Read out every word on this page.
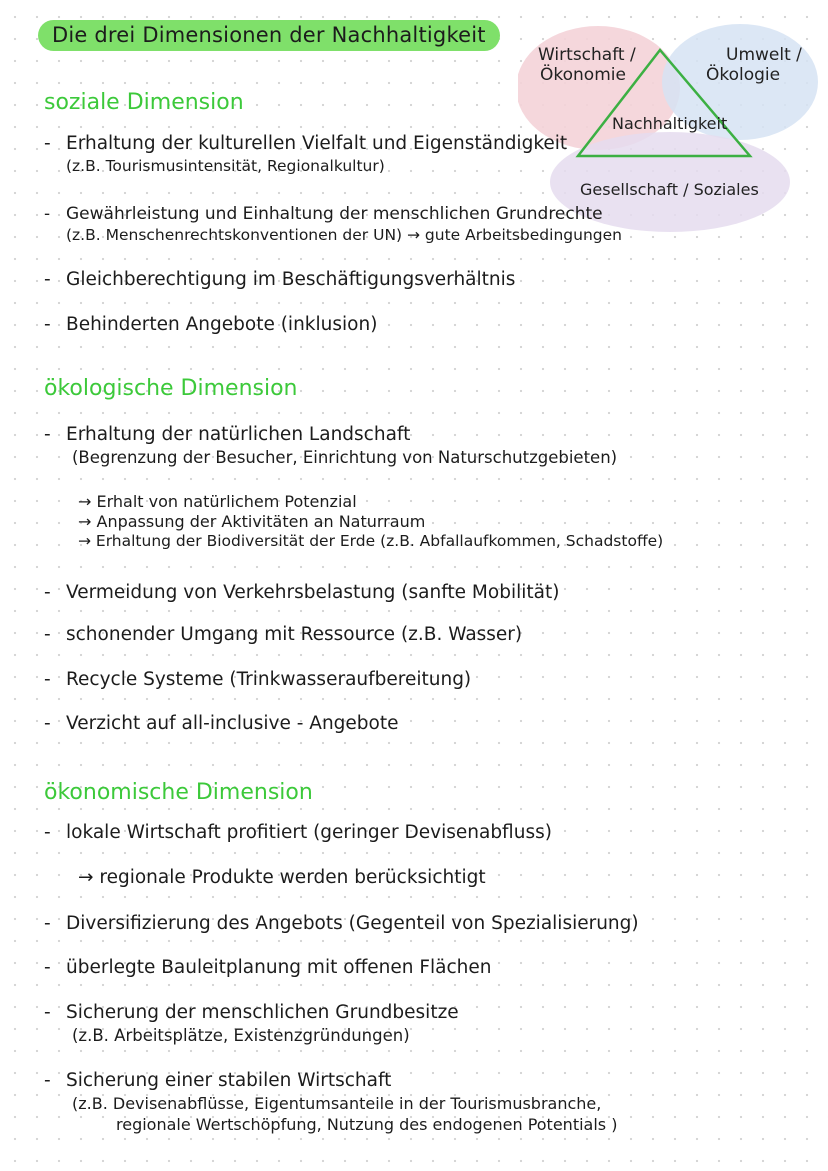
Die drei Dimensionen der Nachhaltigkeit
Wirtschaft /
Ökonomie
Umwelt /
Ökologie
Nachhaltigkeit
Gesellschaft / Soziales
soziale Dimension
- Erhaltung der kulturellen Vielfalt und Eigenständigkeit
(z.B. Tourismusintensität, Regionalkultur)
- Gewährleistung und Einhaltung der menschlichen Grundrechte
(z.B. Menschenrechtskonventionen der UN) → gute Arbeitsbedingungen
- Gleichberechtigung im Beschäftigungsverhältnis
- Behinderten Angebote (inklusion)
ökologische Dimension
- Erhaltung der natürlichen Landschaft
(Begrenzung der Besucher, Einrichtung von Naturschutzgebieten)
→ Erhalt von natürlichem Potenzial
→ Anpassung der Aktivitäten an Naturraum
→ Erhaltung der Biodiversität der Erde (z.B. Abfallaufkommen, Schadstoffe)
- Vermeidung von Verkehrsbelastung (sanfte Mobilität)
- schonender Umgang mit Ressource (z.B. Wasser)
- Recycle Systeme (Trinkwasseraufbereitung)
- Verzicht auf all-inclusive - Angebote
ökonomische Dimension
- lokale Wirtschaft profitiert (geringer Devisenabfluss)
→ regionale Produkte werden berücksichtigt
- Diversifizierung des Angebots (Gegenteil von Spezialisierung)
- überlegte Bauleitplanung mit offenen Flächen
- Sicherung der menschlichen Grundbesitze
(z.B. Arbeitsplätze, Existenzgründungen)
- Sicherung einer stabilen Wirtschaft
(z.B. Devisenabflüsse, Eigentumsanteile in der Tourismusbranche,
regionale Wertschöpfung, Nutzung des endogenen Potentials )
